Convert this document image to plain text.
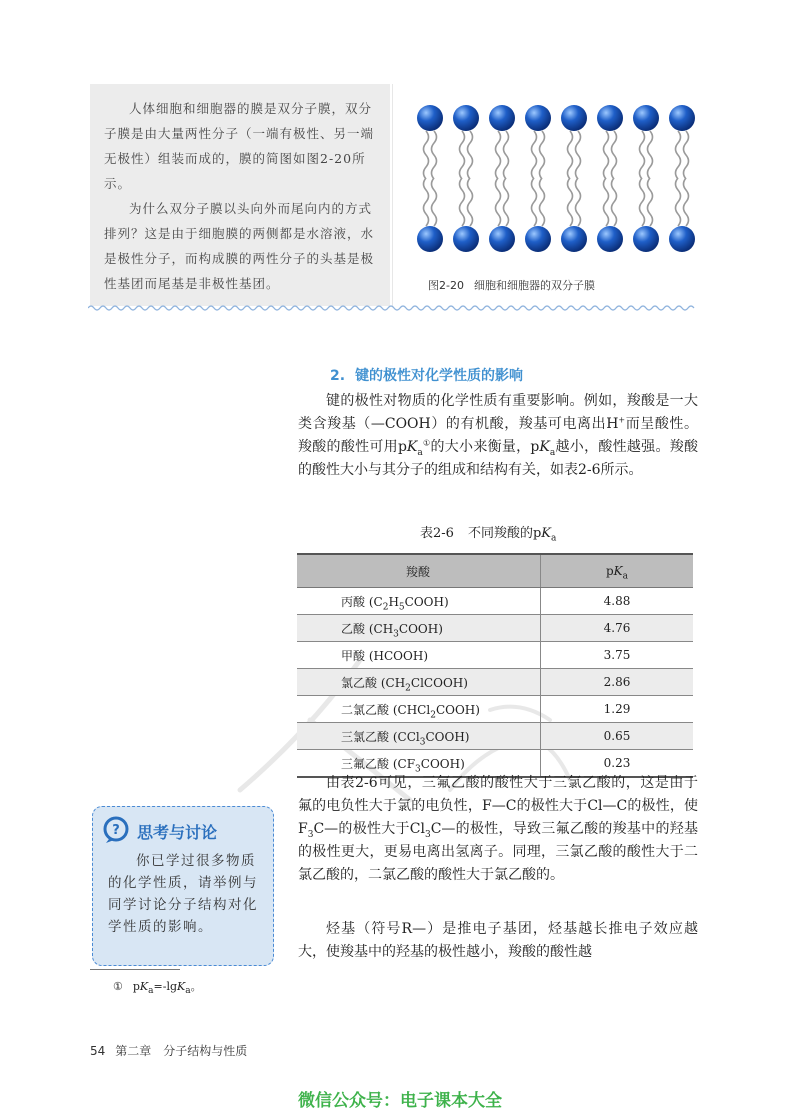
人体细胞和细胞器的膜是双分子膜，双分子膜是由大量两性分子（一端有极性、另一端无极性）组装而成的，膜的简图如图2-20所示。

为什么双分子膜以头向外而尾向内的方式排列？这是由于细胞膜的两侧都是水溶液，水是极性分子，而构成膜的两性分子的头基是极性基团而尾基是非极性基团。	图2-20 细胞和细胞器的双分子膜
2. 键的极性对化学性质的影响

键的极性对物质的化学性质有重要影响。例如，羧酸是一大类含羧基（—COOH）的有机酸，羧基可电离出H+而呈酸性。羧酸的酸性可用$pK_a^①$的大小来衡量，$pK_a$越小，酸性越强。羧酸的酸性大小与其分子的组成和结构有关，如表2-6所示。

表2-6 不同羧酸的$pK_a$
羧酸	$pK_a$
丙酸 $(C_2H_5COOH)$	4.88
乙酸 $(CH_3COOH)$	4.76
甲酸 (HCOOH)	3.75
氯乙酸 $(CH_2ClCOOH)$	2.86
二氯乙酸 (CHCl$_2$COOH)	1.29
三氯乙酸 (CCl$_3$COOH)	0.65
三氟乙酸 $(CF_3COOH)$	0.23

由表2-6可见，三氟乙酸的酸性大于三氯乙酸的，这是由于氟的电负性大于氯的电负性，F—C的极性大于Cl—C的极性，使$F_3C—$的极性大于$Cl_3C—$的极性，导致三氟乙酸的羧基中的羟基的极性更大，更易电离出氢离子。同理，三氯乙酸的酸性大于二氯乙酸的，二氯乙酸的酸性大于氯乙酸的。

烃基（符号R—）是推电子基团，烃基越长推电子效应越大，使羧基中的羟基的极性越小，羧酸的酸性越

? 思考与讨论

你已学过很多物质的化学性质，请举例与同学讨论分子结构对化学性质的影响。

① $pK_a=-\lg K_a$。
54 第二章 分子结构与性质
微信公众号：电子课本大全
